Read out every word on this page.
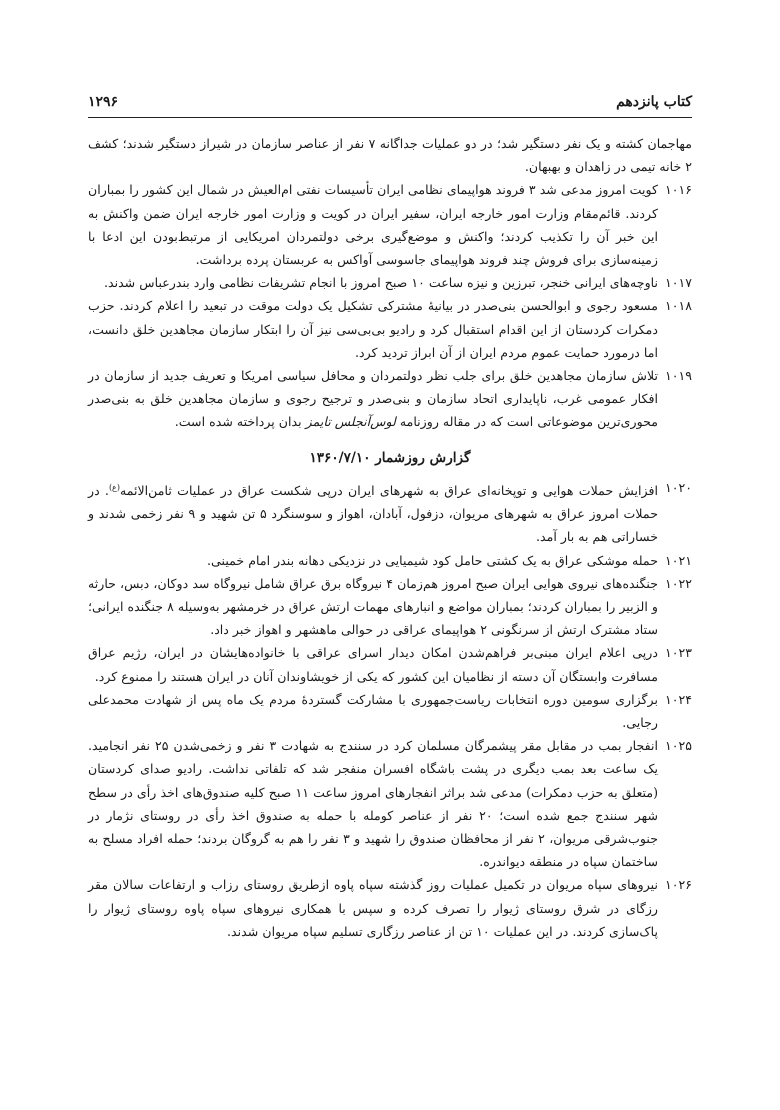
کتاب پانزدهم
۱۲۹۶
مهاجمان کشته و یک نفر دستگیر شد؛ در دو عملیات جداگانه ۷ نفر از عناصر سازمان در شیراز دستگیر شدند؛ کشف ۲ خانه تیمی در زاهدان و بهبهان.
۱۰۱۶
کویت امروز مدعی شد ۳ فروند هواپیمای نظامی ایران تأسیسات نفتی ام‌العیش در شمال این کشور را بمباران کردند. قائم‌مقام وزارت امور خارجه ایران، سفیر ایران در کویت و وزارت امور خارجه ایران ضمن واکنش به این خبر آن را تکذیب کردند؛ واکنش و موضع‌گیری برخی دولتمردان امریکایی از مرتبط‌بودن این ادعا با زمینه‌سازی برای فروش چند فروند هواپیمای جاسوسی آواکس به عربستان پرده برداشت.
۱۰۱۷
ناوچه‌های ایرانی خنجر، تبرزین و نیزه ساعت ۱۰ صبح امروز با انجام تشریفات نظامی وارد بندرعباس شدند.
۱۰۱۸
مسعود رجوی و ابوالحسن بنی‌صدر در بیانیهٔ مشترکی تشکیل یک دولت موقت در تبعید را اعلام کردند. حزب دمکرات کردستان از این اقدام استقبال کرد و رادیو بی‌بی‌سی نیز آن را ابتکار سازمان مجاهدین خلق دانست، اما درمورد حمایت عموم مردم ایران از آن ابراز تردید کرد.
۱۰۱۹
تلاش سازمان مجاهدین خلق برای جلب نظر دولتمردان و محافل سیاسی امریکا و تعریف جدید از سازمان در افکار عمومی غرب، ناپایداری اتحاد سازمان و بنی‌صدر و ترجیح رجوی و سازمان مجاهدین خلق به بنی‌صدر محوری‌ترین موضوعاتی است که در مقاله روزنامه لوس‌آنجلس تایمز بدان پرداخته شده است.
گزارش روزشمار ۱۳۶۰/۷/۱۰
۱۰۲۰
افزایش حملات هوایی و توپخانه‌ای عراق به شهرهای ایران درپی شکست عراق در عملیات ثامن‌الائمه$^{(ع)}$. در حملات امروز عراق به شهرهای مریوان، دزفول، آبادان، اهواز و سوسنگرد ۵ تن شهید و ۹ نفر زخمی شدند و خساراتی هم به بار آمد.
۱۰۲۱
حمله موشکی عراق به یک کشتی حامل کود شیمیایی در نزدیکی دهانه بندر امام خمینی.
۱۰۲۲
جنگنده‌های نیروی هوایی ایران صبح امروز هم‌زمان ۴ نیروگاه برق عراق شامل نیروگاه سد دوکان، دبس، حارثه و الزبیر را بمباران کردند؛ بمباران مواضع و انبارهای مهمات ارتش عراق در خرمشهر به‌وسیله ۸ جنگنده ایرانی؛ ستاد مشترک ارتش از سرنگونی ۲ هواپیمای عراقی در حوالی ماهشهر و اهواز خبر داد.
۱۰۲۳
درپی اعلام ایران مبنی‌بر فراهم‌شدن امکان دیدار اسرای عراقی با خانواده‌هایشان در ایران، رژیم عراق مسافرت وابستگان آن دسته از نظامیان این کشور که یکی از خویشاوندان آنان در ایران هستند را ممنوع کرد.
۱۰۲۴
برگزاری سومین دوره انتخابات ریاست‌جمهوری با مشارکت گستردهٔ مردم یک ماه پس از شهادت محمدعلی رجایی.
۱۰۲۵
انفجار بمب در مقابل مقر پیشمرگان مسلمان کرد در سنندج به شهادت ۳ نفر و زخمی‌شدن ۲۵ نفر انجامید. یک ساعت بعد بمب دیگری در پشت باشگاه افسران منفجر شد که تلفاتی نداشت. رادیو صدای کردستان (متعلق به حزب دمکرات) مدعی شد براثر انفجارهای امروز ساعت ۱۱ صبح کلیه صندوق‌های اخذ رأی در سطح شهر سنندج جمع شده است؛ ۲۰ نفر از عناصر کومله با حمله به صندوق اخذ رأی در روستای نژمار در جنوب‌شرقی مریوان، ۲ نفر از محافظان صندوق را شهید و ۳ نفر را هم به گروگان بردند؛ حمله افراد مسلح به ساختمان سپاه در منطقه دیواندره.
۱۰۲۶
نیروهای سپاه مریوان در تکمیل عملیات روز گذشته سپاه پاوه ازطریق روستای رزاب و ارتفاعات سالان مقر رزگای در شرق روستای ژیوار را تصرف کرده و سپس با همکاری نیروهای سپاه پاوه روستای ژیوار را پاک‌سازی کردند. در این عملیات ۱۰ تن از عناصر رزگاری تسلیم سپاه مریوان شدند.
